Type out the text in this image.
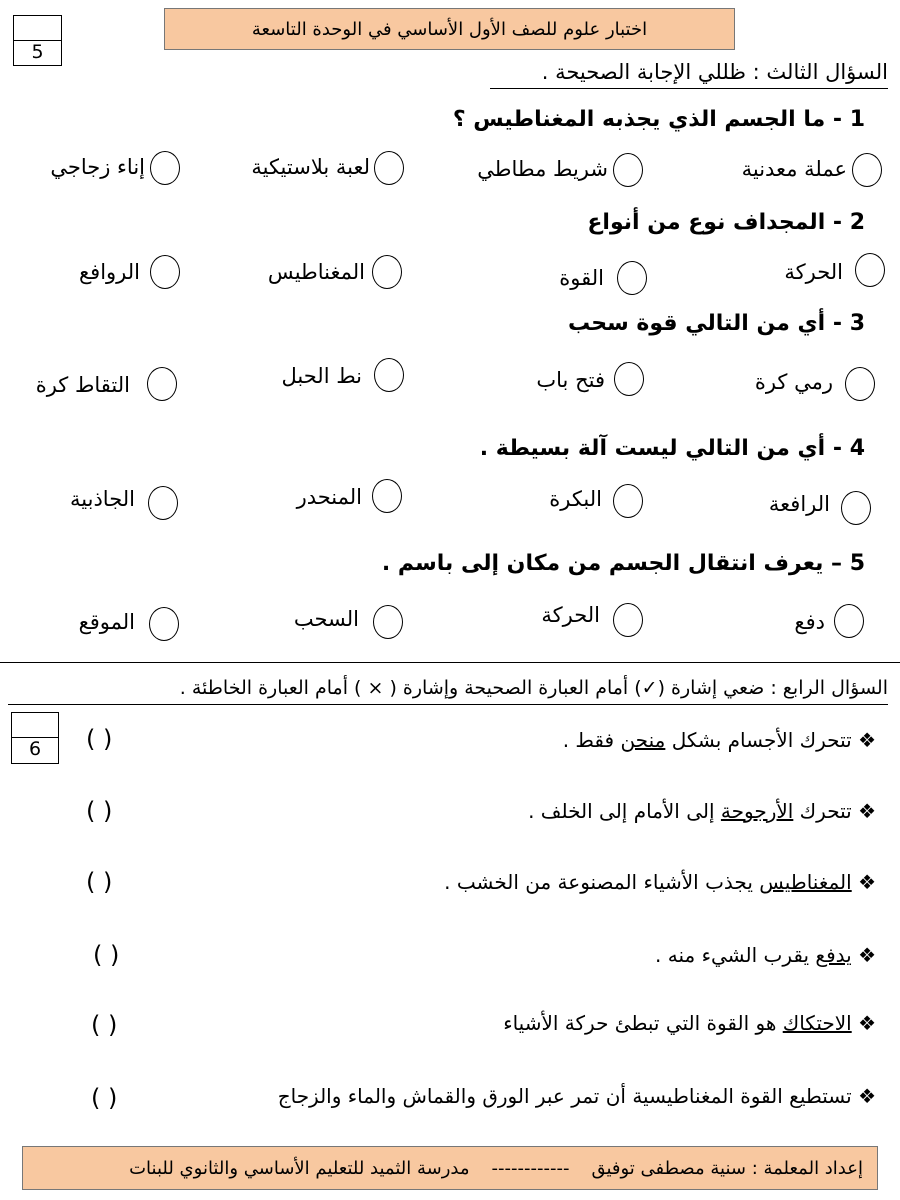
5
اختبار علوم للصف الأول الأساسي في الوحدة التاسعة
السؤال الثالث : ظللي الإجابة الصحيحة .
1 - ما الجسم الذي يجذبه المغناطيس ؟
عملة معدنية
شريط مطاطي
لعبة بلاستيكية
إناء زجاجي
2 - المجداف نوع من أنواع
الحركة
القوة
المغناطيس
الروافع
3 - أي من التالي قوة سحب
رمي كرة
فتح باب
نط الحبل
التقاط كرة
4 - أي من التالي ليست آلة بسيطة .
الرافعة
البكرة
المنحدر
الجاذبية
5 – يعرف انتقال الجسم من مكان إلى باسم .
دفع
الحركة
السحب
الموقع
السؤال الرابع : ضعي إشارة (✓) أمام العبارة الصحيحة وإشارة ( × ) أمام العبارة الخاطئة .
6	❖ تتحرك الأجسام بشكل منحن فقط .
( )
❖ تتحرك الأرجوحة إلى الأمام إلى الخلف .
( )
❖ المغناطيس يجذب الأشياء المصنوعة من الخشب .
( )
❖ يدفع يقرب الشيء منه .
( )
❖ الاحتكاك هو القوة التي تبطئ حركة الأشياء
( )
❖ تستطيع القوة المغناطيسية أن تمر عبر الورق والقماش والماء والزجاج
( )
إعداد المعلمة : سنية مصطفى توفيق
------------
مدرسة الثميد للتعليم الأساسي والثانوي للبنات
